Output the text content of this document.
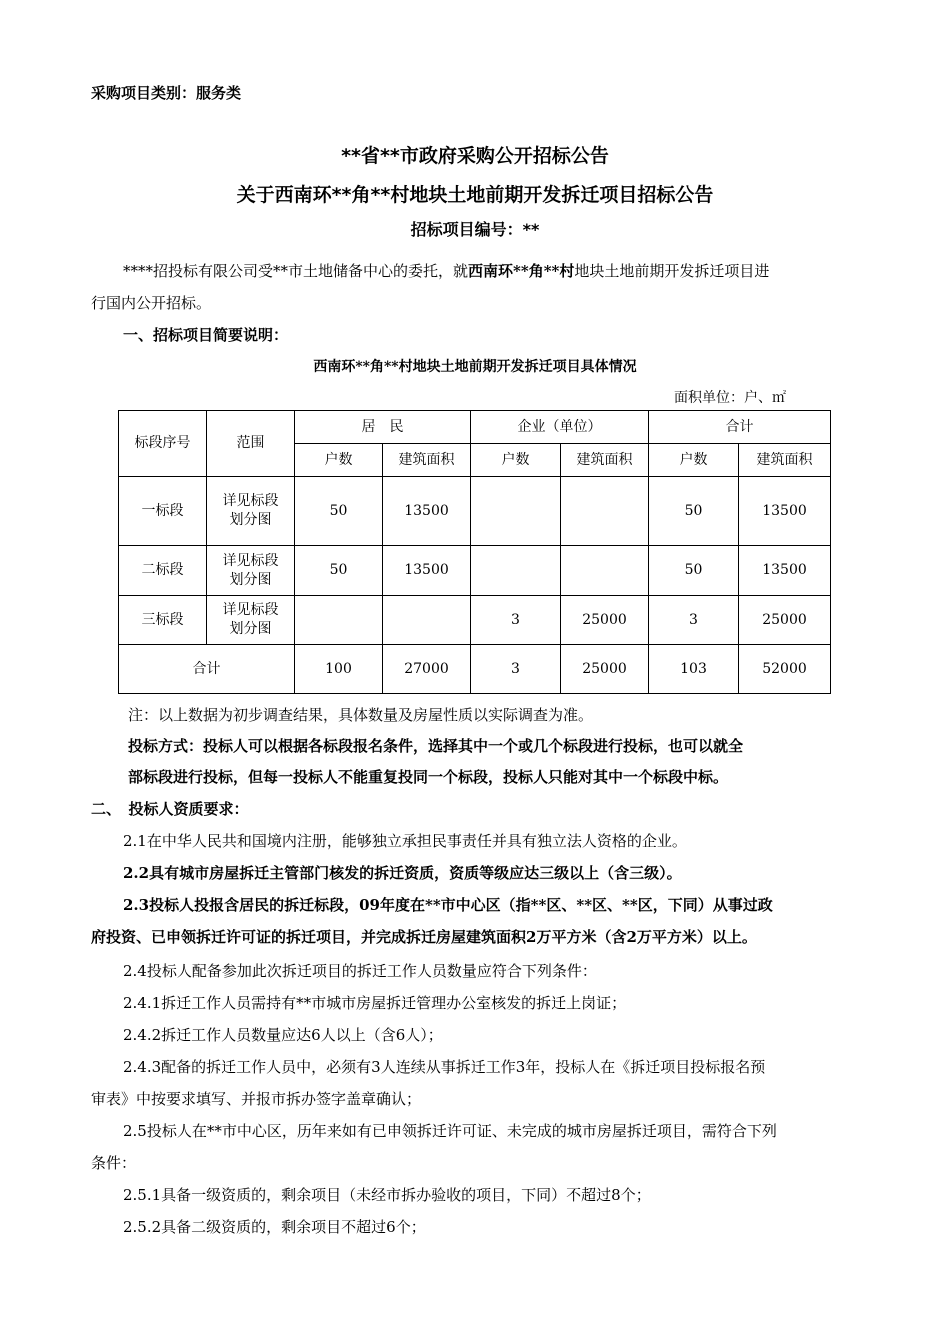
采购项目类别：服务类
**省**市政府采购公开招标公告
关于西南环**角**村地块土地前期开发拆迁项目招标公告
招标项目编号：**
****招投标有限公司受**市土地储备中心的委托，就西南环**角**村地块土地前期开发拆迁项目进
行国内公开招标。
一、招标项目简要说明：
西南环**角**村地块土地前期开发拆迁项目具体情况
面积单位：户、㎡
标段序号	范围	居　民		企业（单位）		合计	
		户数	建筑面积	户数	建筑面积	户数	建筑面积
一标段	详见标段
划分图	50	13500			50	13500
二标段	详见标段
划分图	50	13500			50	13500
三标段	详见标段
划分图			3	25000	3	25000
合计		100	27000	3	25000	103	52000
注：以上数据为初步调查结果，具体数量及房屋性质以实际调查为准。
投标方式：投标人可以根据各标段报名条件，选择其中一个或几个标段进行投标，也可以就全
部标段进行投标，但每一投标人不能重复投同一个标段，投标人只能对其中一个标段中标。
二、　投标人资质要求：
2.1在中华人民共和国境内注册，能够独立承担民事责任并具有独立法人资格的企业。
2.2具有城市房屋拆迁主管部门核发的拆迁资质，资质等级应达三级以上（含三级）。
2.3投标人投报含居民的拆迁标段，09年度在**市中心区（指**区、**区、**区，下同）从事过政
府投资、已申领拆迁许可证的拆迁项目，并完成拆迁房屋建筑面积2万平方米（含2万平方米）以上。
2.4投标人配备参加此次拆迁项目的拆迁工作人员数量应符合下列条件：
2.4.1拆迁工作人员需持有**市城市房屋拆迁管理办公室核发的拆迁上岗证；
2.4.2拆迁工作人员数量应达6人以上（含6人）；
2.4.3配备的拆迁工作人员中，必须有3人连续从事拆迁工作3年，投标人在《拆迁项目投标报名预
审表》中按要求填写、并报市拆办签字盖章确认；
2.5投标人在**市中心区，历年来如有已申领拆迁许可证、未完成的城市房屋拆迁项目，需符合下列
条件：
2.5.1具备一级资质的，剩余项目（未经市拆办验收的项目，下同）不超过8个；
2.5.2具备二级资质的，剩余项目不超过6个；
